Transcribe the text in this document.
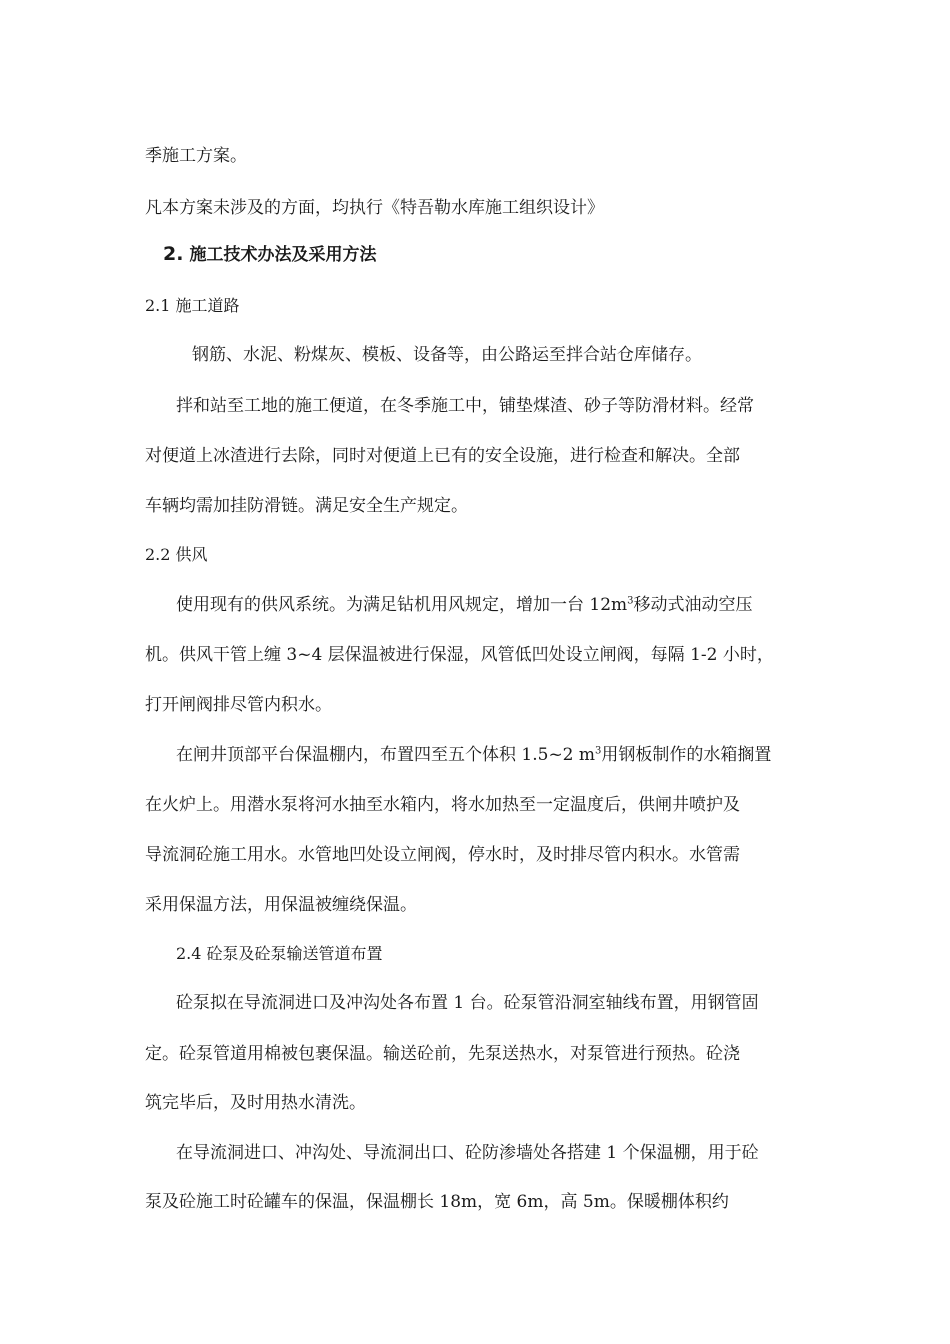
季施工方案。
凡本方案未涉及的方面，均执行《特吾勒水库施工组织设计》
2. 施工技术办法及采用方法
2.1 施工道路
钢筋、水泥、粉煤灰、模板、设备等，由公路运至拌合站仓库储存。
拌和站至工地的施工便道，在冬季施工中，铺垫煤渣、砂子等防滑材料。经常
对便道上冰渣进行去除，同时对便道上已有的安全设施，进行检查和解决。全部
车辆均需加挂防滑链。满足安全生产规定。
2.2 供风
使用现有的供风系统。为满足钻机用风规定，增加一台 $12m^3$移动式油动空压
机。供风干管上缠 3~4 层保温被进行保湿，风管低凹处设立闸阀，每隔 1-2 小时，
打开闸阀排尽管内积水。
在闸井顶部平台保温棚内，布置四至五个体积 1.5~2 $m^3$用钢板制作的水箱搁置
在火炉上。用潜水泵将河水抽至水箱内，将水加热至一定温度后，供闸井喷护及
导流洞砼施工用水。水管地凹处设立闸阀，停水时，及时排尽管内积水。水管需
采用保温方法，用保温被缠绕保温。
2.4 砼泵及砼泵输送管道布置
砼泵拟在导流洞进口及冲沟处各布置 1 台。砼泵管沿洞室轴线布置，用钢管固
定。砼泵管道用棉被包裹保温。输送砼前，先泵送热水，对泵管进行预热。砼浇
筑完毕后，及时用热水清洗。
在导流洞进口、冲沟处、导流洞出口、砼防渗墙处各搭建 1 个保温棚，用于砼
泵及砼施工时砼罐车的保温，保温棚长 18m，宽 6m，高 5m。保暖棚体积约
